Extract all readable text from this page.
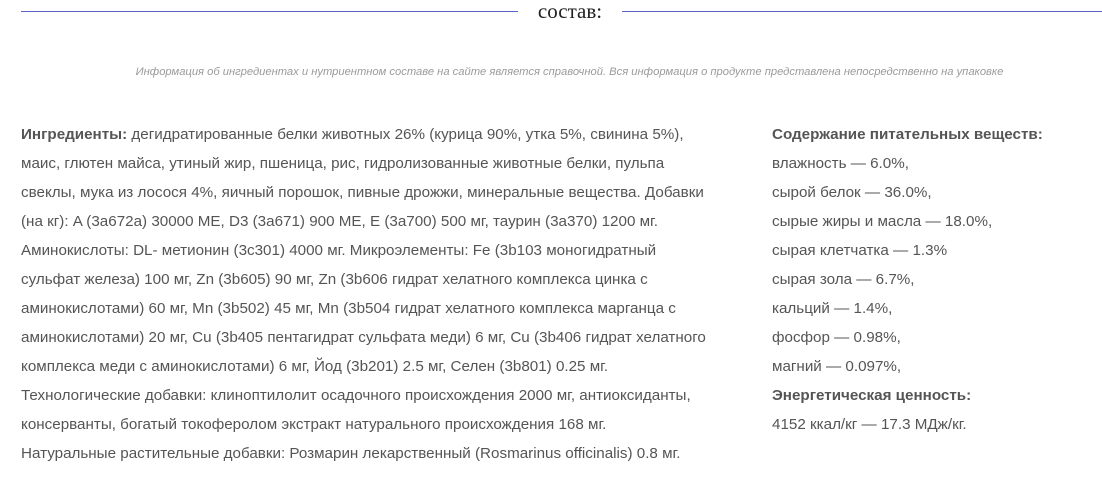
состав:
Информация об ингредиентах и нутриентном составе на сайте является справочной. Вся информация о продукте представлена непосредственно на упаковке
Ингредиенты: дегидратированные белки животных 26% (курица 90%, утка 5%, свинина 5%),
маис, глютен майса, утиный жир, пшеница, рис, гидролизованные животные белки, пульпа
свеклы, мука из лосося 4%, яичный порошок, пивные дрожжи, минеральные вещества. Добавки
(на кг): A (3a672a) 30000 ME, D3 (3a671) 900 ME, E (3a700) 500 мг, таурин (3a370) 1200 мг.
Аминокислоты: DL- метионин (3c301) 4000 мг. Микроэлементы: Fe (3b103 моногидратный
сульфат железа) 100 мг, Zn (3b605) 90 мг, Zn (3b606 гидрат хелатного комплекса цинка с
аминокислотами) 60 мг, Mn (3b502) 45 мг, Mn (3b504 гидрат хелатного комплекса марганца с
аминокислотами) 20 мг, Cu (3b405 пентагидрат сульфата меди) 6 мг, Cu (3b406 гидрат хелатного
комплекса меди с аминокислотами) 6 мг, Йод (3b201) 2.5 мг, Селен (3b801) 0.25 мг.
Технологические добавки: клиноптилолит осадочного происхождения 2000 мг, антиоксиданты,
консерванты, богатый токоферолом экстракт натурального происхождения 168 мг.
Натуральные растительные добавки: Розмарин лекарственный (Rosmarinus officinalis) 0.8 мг.
Содержание питательных веществ:
влажность — 6.0%,
сырой белок — 36.0%,
сырые жиры и масла — 18.0%,
сырая клетчатка — 1.3%
сырая зола — 6.7%,
кальций — 1.4%,
фосфор — 0.98%,
магний — 0.097%,
Энергетическая ценность:
4152 ккал/кг — 17.3 МДж/кг.
